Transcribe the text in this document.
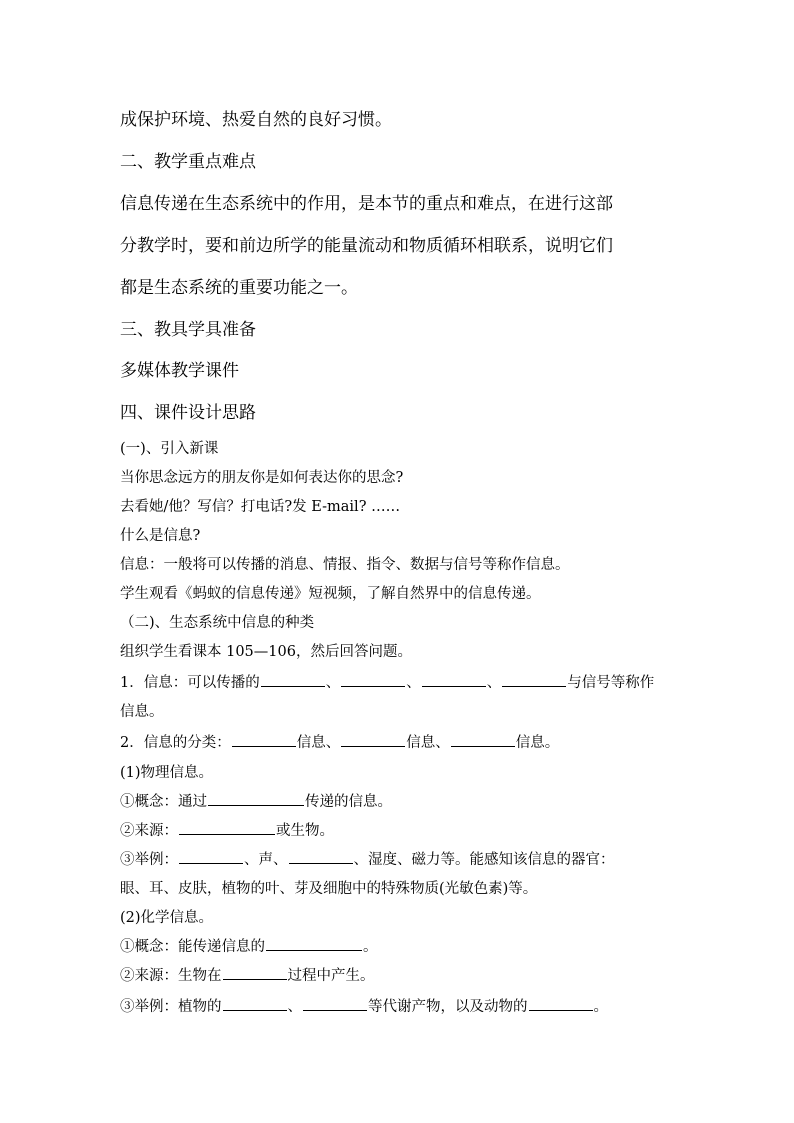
成保护环境、热爱自然的良好习惯。
二、教学重点难点
信息传递在生态系统中的作用，是本节的重点和难点，在进行这部
分教学时，要和前边所学的能量流动和物质循环相联系，说明它们
都是生态系统的重要功能之一。
三、教具学具准备
多媒体教学课件
四、课件设计思路
(一)、引入新课
当你思念远方的朋友你是如何表达你的思念?
去看她/他？写信？打电话?发 E-mail? ……
什么是信息?
信息：一般将可以传播的消息、情报、指令、数据与信号等称作信息。
学生观看《蚂蚁的信息传递》短视频，了解自然界中的信息传递。
（二)、生态系统中信息的种类
组织学生看课本 105—106，然后回答问题。
1．信息：可以传播的	、	、	、	与信号等称作
信息。
2．信息的分类：	信息、	信息、	信息。
(1)物理信息。
①概念：通过	传递的信息。
②来源：	或生物。
③举例：	、声、	、湿度、磁力等。能感知该信息的器官：
眼、耳、皮肤，植物的叶、芽及细胞中的特殊物质(光敏色素)等。
(2)化学信息。
①概念：能传递信息的	。
②来源：生物在	过程中产生。
③举例：植物的	、	等代谢产物，以及动物的	。
